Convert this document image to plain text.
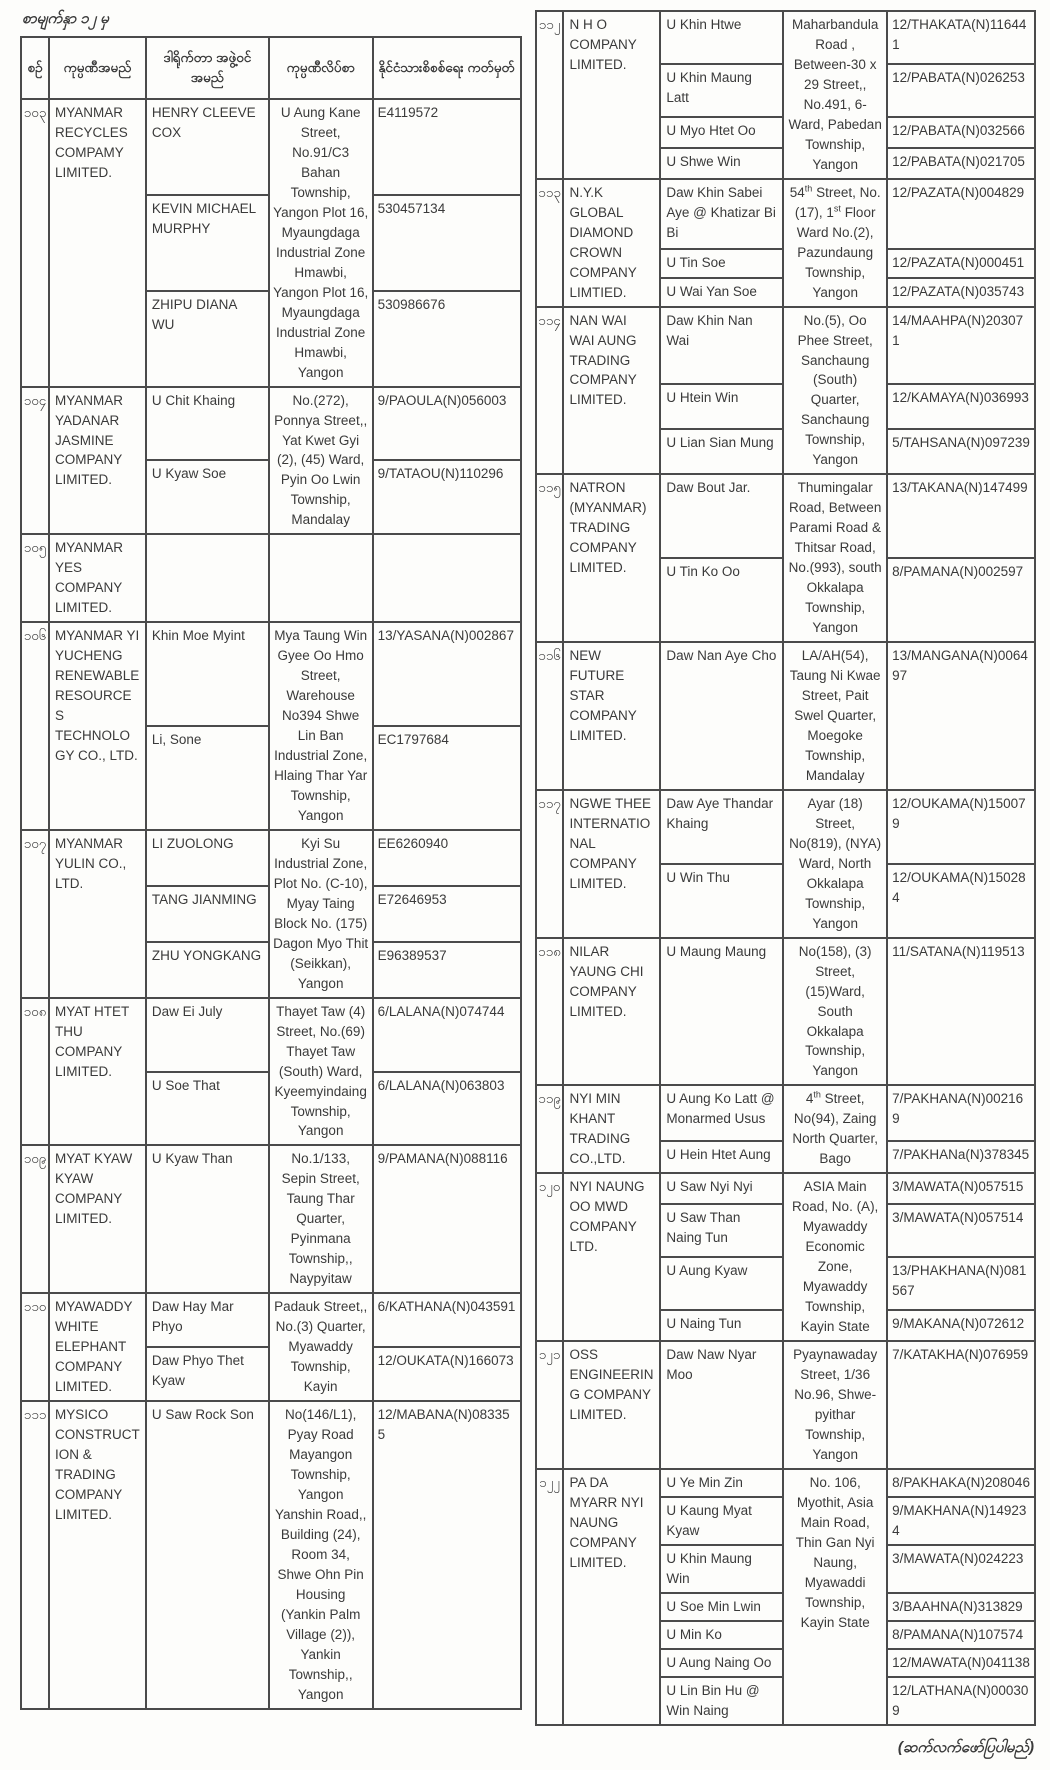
စာမျက်နှာ ၁၂ မှ
စဉ်	ကုမ္ပဏီအမည်	ဒါရိုက်တာ အဖွဲ့ဝင်အမည်	ကုမ္ပဏီလိပ်စာ	နိုင်ငံသားစိစစ်ရေး ကတ်မှတ်
၁၀၃	MYANMAR RECYCLES COMPAMY LIMITED.	HENRY CLEEVE COX	U Aung Kane Street, No.91/C3 Bahan Township, Yangon Plot 16, Myaungdaga Industrial Zone Hmawbi, Yangon Plot 16, Myaungdaga Industrial Zone Hmawbi, Yangon	E4119572
		KEVIN MICHAEL MURPHY		530457134
		ZHIPU DIANA WU		530986676
၁၀၄	MYANMAR YADANAR JASMINE COMPANY LIMITED.	U Chit Khaing	No.(272), Ponnya Street,, Yat Kwet Gyi (2), (45) Ward, Pyin Oo Lwin Township, Mandalay	9/PAOULA(N)056003
		U Kyaw Soe		9/TATAOU(N)110296
၁၀၅	MYANMAR YES COMPANY LIMITED.			
၁၀၆	MYANMAR YI YUCHENG RENEWABLE RESOURCES TECHNOLOGY CO., LTD.	Khin Moe Myint	Mya Taung Win Gyee Oo Hmo Street, Warehouse No394 Shwe Lin Ban Industrial Zone, Hlaing Thar Yar Township, Yangon	13/YASANA(N)002867
		Li, Sone		EC1797684
၁၀၇	MYANMAR YULIN CO., LTD.	LI ZUOLONG	Kyi Su Industrial Zone, Plot No. (C-10), Myay Taing Block No. (175) Dagon Myo Thit (Seikkan), Yangon	EE6260940
		TANG JIANMING		E72646953
		ZHU YONGKANG		E96389537
၁၀၈	MYAT HTET THU COMPANY LIMITED.	Daw Ei July	Thayet Taw (4) Street, No.(69) Thayet Taw (South) Ward, Kyeemyindaing Township, Yangon	6/LALANA(N)074744
		U Soe That		6/LALANA(N)063803
၁၀၉	MYAT KYAW KYAW COMPANY LIMITED.	U Kyaw Than	No.1/133, Sepin Street, Taung Thar Quarter, Pyinmana Township,, Naypyitaw	9/PAMANA(N)088116
၁၁၀	MYAWADDY WHITE ELEPHANT COMPANY LIMITED.	Daw Hay Mar Phyo	Padauk Street,, No.(3) Quarter, Myawaddy Township, Kayin	6/KATHANA(N)043591
		Daw Phyo Thet Kyaw		12/OUKATA(N)166073
၁၁၁	MYSICO CONSTRUCTION & TRADING COMPANY LIMITED.	U Saw Rock Son	No(146/L1), Pyay Road Mayangon Township, Yangon Yanshin Road,, Building (24), Room 34, Shwe Ohn Pin Housing (Yankin Palm Village (2)), Yankin Township,, Yangon	12/MABANA(N)083355
၁၁၂	N H O COMPANY LIMITED.	U Khin Htwe	Maharbandula Road , Between-30 x 29 Street,, No.491, 6-Ward, Pabedan Township, Yangon	12/THAKATA(N)116441
		U Khin Maung Latt		12/PABATA(N)026253
		U Myo Htet Oo		12/PABATA(N)032566
		U Shwe Win		12/PABATA(N)021705
၁၁၃	N.Y.K GLOBAL DIAMOND CROWN COMPANY LIMTIED.	Daw Khin Sabei Aye @ Khatizar Bi Bi	54th Street, No.(17), 1st Floor Ward No.(2), Pazundaung Township, Yangon	12/PAZATA(N)004829
		U Tin Soe		12/PAZATA(N)000451
		U Wai Yan Soe		12/PAZATA(N)035743
၁၁၄	NAN WAI WAI AUNG TRADING COMPANY LIMITED.	Daw Khin Nan Wai	No.(5), Oo Phee Street, Sanchaung (South) Quarter, Sanchaung Township, Yangon	14/MAAHPA(N)203071
		U Htein Win		12/KAMAYA(N)036993
		U Lian Sian Mung		5/TAHSANA(N)097239
၁၁၅	NATRON (MYANMAR) TRADING COMPANY LIMITED.	Daw Bout Jar.	Thumingalar Road, Between Parami Road & Thitsar Road, No.(993), south Okkalapa Township, Yangon	13/TAKANA(N)147499
		U Tin Ko Oo		8/PAMANA(N)002597
၁၁၆	NEW FUTURE STAR COMPANY LIMITED.	Daw Nan Aye Cho	LA/AH(54), Taung Ni Kwae Street, Pait Swel Quarter, Moegoke Township, Mandalay	13/MANGANA(N)006497
၁၁၇	NGWE THEE INTERNATIONAL COMPANY LIMITED.	Daw Aye Thandar Khaing	Ayar (18) Street, No(819), (NYA) Ward, North Okkalapa Township, Yangon	12/OUKAMA(N)150079
		U Win Thu		12/OUKAMA(N)150284
၁၁၈	NILAR YAUNG CHI COMPANY LIMITED.	U Maung Maung	No(158), (3) Street, (15)Ward, South Okkalapa Township, Yangon	11/SATANA(N)119513
၁၁၉	NYI MIN KHANT TRADING CO.,LTD.	U Aung Ko Latt @ Monarmed Usus	4th Street, No(94), Zaing North Quarter, Bago	7/PAKHANA(N)002169
		U Hein Htet Aung		7/PAKHANa(N)378345
၁၂၀	NYI NAUNG OO MWD COMPANY LTD.	U Saw Nyi Nyi	ASIA Main Road, No. (A), Myawaddy Economic Zone, Myawaddy Township, Kayin State	3/MAWATA(N)057515
		U Saw Than Naing Tun		3/MAWATA(N)057514
		U Aung Kyaw		13/PHAKHANA(N)081567
		U Naing Tun		9/MAKANA(N)072612
၁၂၁	OSS ENGINEERING COMPANY LIMITED.	Daw Naw Nyar Moo	Pyaynawaday Street, 1/36 No.96, Shwe- pyithar Township, Yangon	7/KATAKHA(N)076959
၁၂၂	PA DA MYARR NYI NAUNG COMPANY LIMITED.	U Ye Min Zin	No. 106, Myothit, Asia Main Road, Thin Gan Nyi Naung, Myawaddi Township, Kayin State	8/PAKHAKA(N)208046
		U Kaung Myat Kyaw		9/MAKHANA(N)149234
		U Khin Maung Win		3/MAWATA(N)024223
		U Soe Min Lwin		3/BAAHNA(N)313829
		U Min Ko		8/PAMANA(N)107574
		U Aung Naing Oo		12/MAWATA(N)041138
		U Lin Bin Hu @ Win Naing		12/LATHANA(N)000309
(ဆက်လက်ဖော်ပြပါမည်)
